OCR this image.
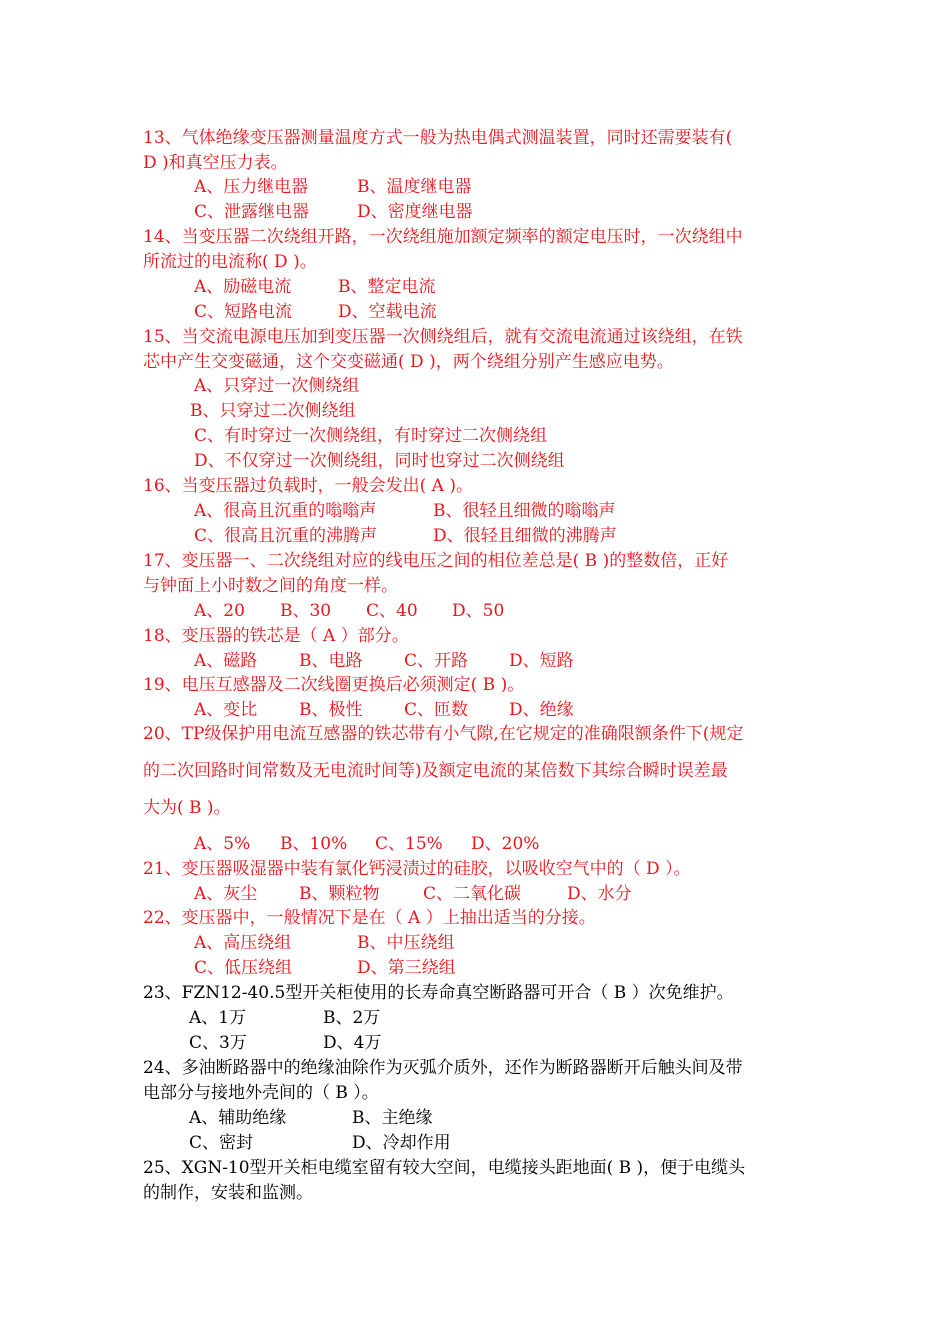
13、气体绝缘变压器测量温度方式一般为热电偶式测温装置，同时还需要装有(
D )和真空压力表。
A、压力继电器	B、温度继电器
C、泄露继电器	D、密度继电器
14、当变压器二次绕组开路，一次绕组施加额定频率的额定电压时，一次绕组中
所流过的电流称( D )。
A、励磁电流	B、整定电流
C、短路电流	D、空载电流
15、当交流电源电压加到变压器一次侧绕组后，就有交流电流通过该绕组，在铁
芯中产生交变磁通，这个交变磁通( D )，两个绕组分别产生感应电势。
A、只穿过一次侧绕组
B、只穿过二次侧绕组
C、有时穿过一次侧绕组，有时穿过二次侧绕组
D、不仅穿过一次侧绕组，同时也穿过二次侧绕组
16、当变压器过负载时，一般会发出( A )。
A、很高且沉重的嗡嗡声	B、很轻且细微的嗡嗡声
C、很高且沉重的沸腾声	D、很轻且细微的沸腾声
17、变压器一、二次绕组对应的线电压之间的相位差总是( B )的整数倍，正好
与钟面上小时数之间的角度一样。
A、20 B、30 C、40 D、50
18、变压器的铁芯是（ A ）部分。
A、磁路 B、电路 C、开路 D、短路
19、电压互感器及二次线圈更换后必须测定( B )。
A、变比 B、极性 C、匝数 D、绝缘
20、TP级保护用电流互感器的铁芯带有小气隙,在它规定的准确限额条件下(规定
的二次回路时间常数及无电流时间等)及额定电流的某倍数下其综合瞬时误差最
大为( B )。
A、5% B、10% C、15% D、20%
21、变压器吸湿器中装有氯化钙浸渍过的硅胶，以吸收空气中的（ D ）。
A、灰尘 B、颗粒物	C、二氧化碳	D、水分
22、变压器中，一般情况下是在（ A ）上抽出适当的分接。
A、高压绕组	B、中压绕组
C、低压绕组	D、第三绕组
23、FZN12-40.5型开关柜使用的长寿命真空断路器可开合（ B ）次免维护。
A、1万	B、2万
C、3万	D、4万
24、多油断路器中的绝缘油除作为灭弧介质外，还作为断路器断开后触头间及带
电部分与接地外壳间的（ B ）。
A、辅助绝缘	B、主绝缘
C、密封	D、冷却作用
25、XGN-10型开关柜电缆室留有较大空间，电缆接头距地面( B )，便于电缆头
的制作，安装和监测。
